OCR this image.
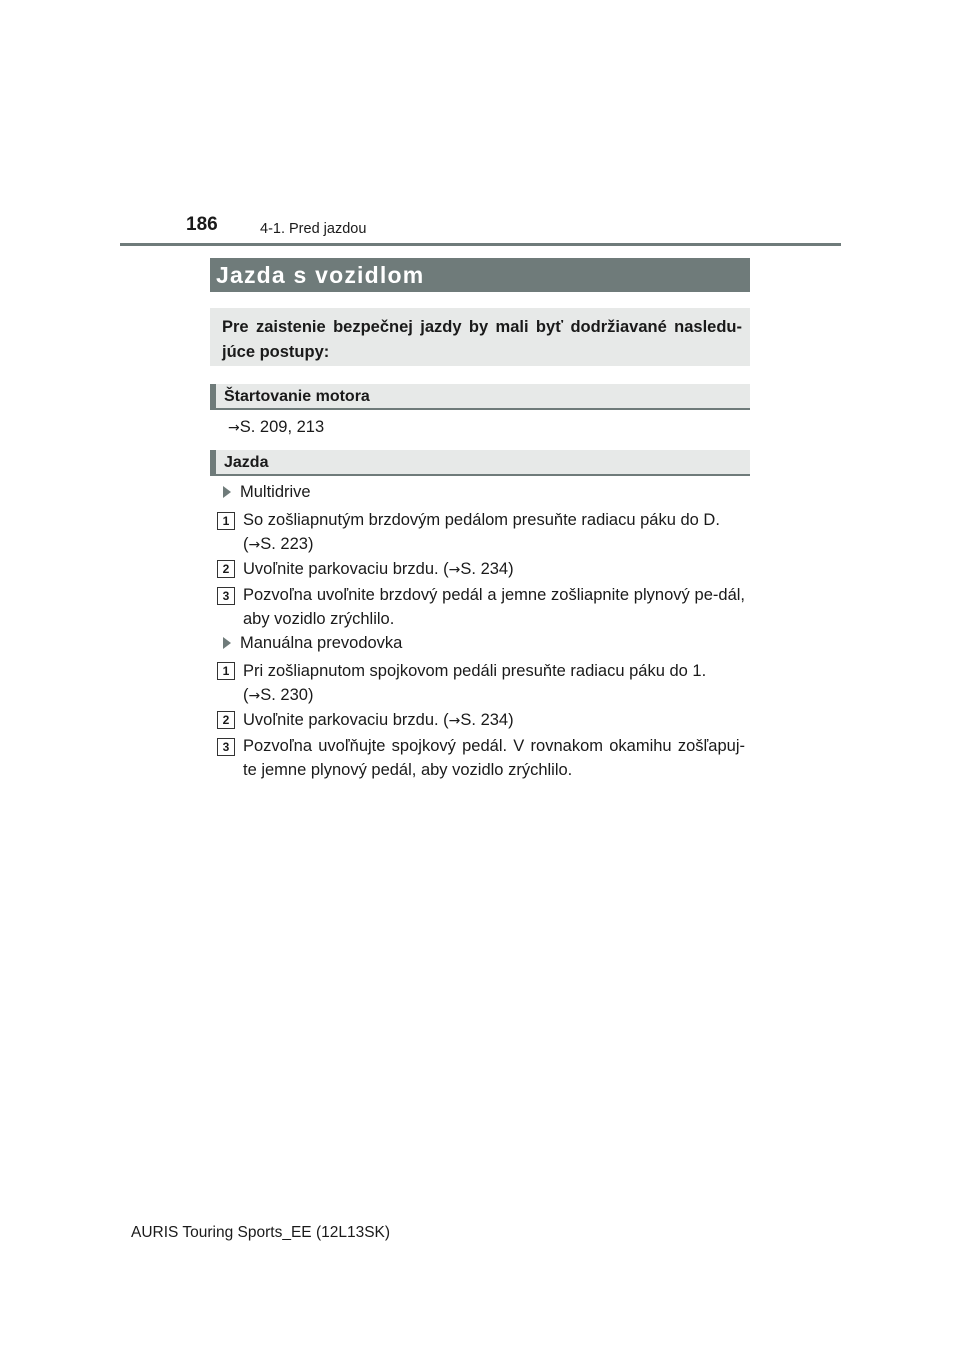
186	4-1. Pred jazdou
Jazda s vozidlom
Pre zaistenie bezpečnej jazdy by mali byť dodržiavané nasledu-júce postupy:
Štartovanie motora
→S. 209, 213
Jazda
Multidrive
1 So zošliapnutým brzdovým pedálom presuňte radiacu páku do D.
(→S. 223)
2 Uvoľnite parkovaciu brzdu. (→S. 234)
3 Pozvoľna uvoľnite brzdový pedál a jemne zošliapnite plynový pe-dál, aby vozidlo zrýchlilo.
Manuálna prevodovka
1 Pri zošliapnutom spojkovom pedáli presuňte radiacu páku do 1.
(→S. 230)
2 Uvoľnite parkovaciu brzdu. (→S. 234)
3 Pozvoľna uvoľňujte spojkový pedál. V rovnakom okamihu zošľapuj-te jemne plynový pedál, aby vozidlo zrýchlilo.
AURIS Touring Sports_EE (12L13SK)
